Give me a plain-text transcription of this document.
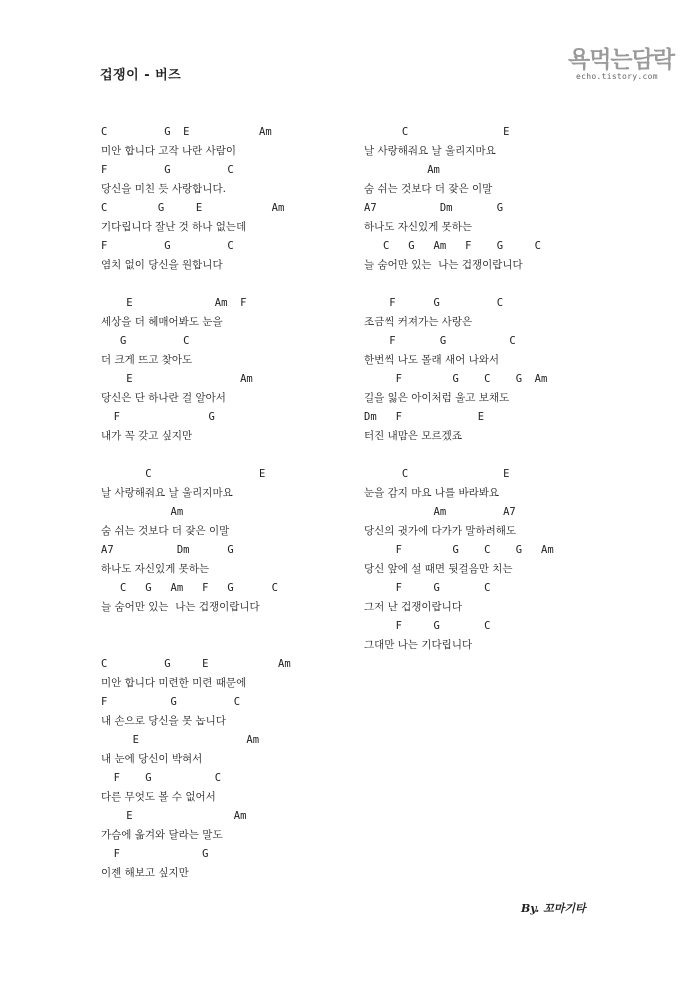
겁쟁이 - 버즈
욕먹는담락
echo.tistory.com
C         G  E           Am
미안 합니다 고작 나란 사람이
F         G         C
당신을 미친 듯 사랑합니다.
C        G     E           Am
기다립니다 잘난 것 하나 없는데
F         G         C
염치 없이 당신을 원합니다
E             Am  F
세상을 더 헤매어봐도 눈을
G         C
더 크게 뜨고 찾아도
E                 Am
당신은 단 하나란 걸 알아서
F              G
내가 꼭 갖고 싶지만
C                 E
날 사랑해줘요 날 울리지마요
Am
숨 쉬는 것보다 더 잦은 이말
A7          Dm      G
하나도 자신있게 못하는
C   G   Am   F   G      C
늘 숨어만 있는  나는 겁쟁이랍니다
C         G     E           Am
미안 합니다 미련한 미련 때문에
F          G         C
내 손으로 당신을 못 놉니다
E                 Am
내 눈에 당신이 박혀서
F    G          C
다른 무엇도 볼 수 없어서
E                Am
가슴에 옮겨와 달라는 말도
F             G
이젠 해보고 싶지만
C               E
날 사랑해줘요 날 울리지마요
Am
숨 쉬는 것보다 더 잦은 이말
A7          Dm       G
하나도 자신있게 못하는
C   G   Am   F    G     C
늘 숨어만 있는  나는 겁쟁이랍니다
F      G         C
조금씩 커져가는 사랑은
F       G          C
한번씩 나도 몰래 새어 나와서
F        G    C    G  Am
길을 잃은 아이처럼 울고 보채도
Dm   F            E
터진 내맘은 모르겠죠
C               E
눈을 감지 마요 나를 바라봐요
Am         A7
당신의 귓가에 다가가 말하려해도
F        G    C    G   Am
당신 앞에 설 때면 뒷걸음만 치는
F     G       C
그저 난 겁쟁이랍니다
F     G       C
그대만 나는 기다립니다
By. 꼬마기타
